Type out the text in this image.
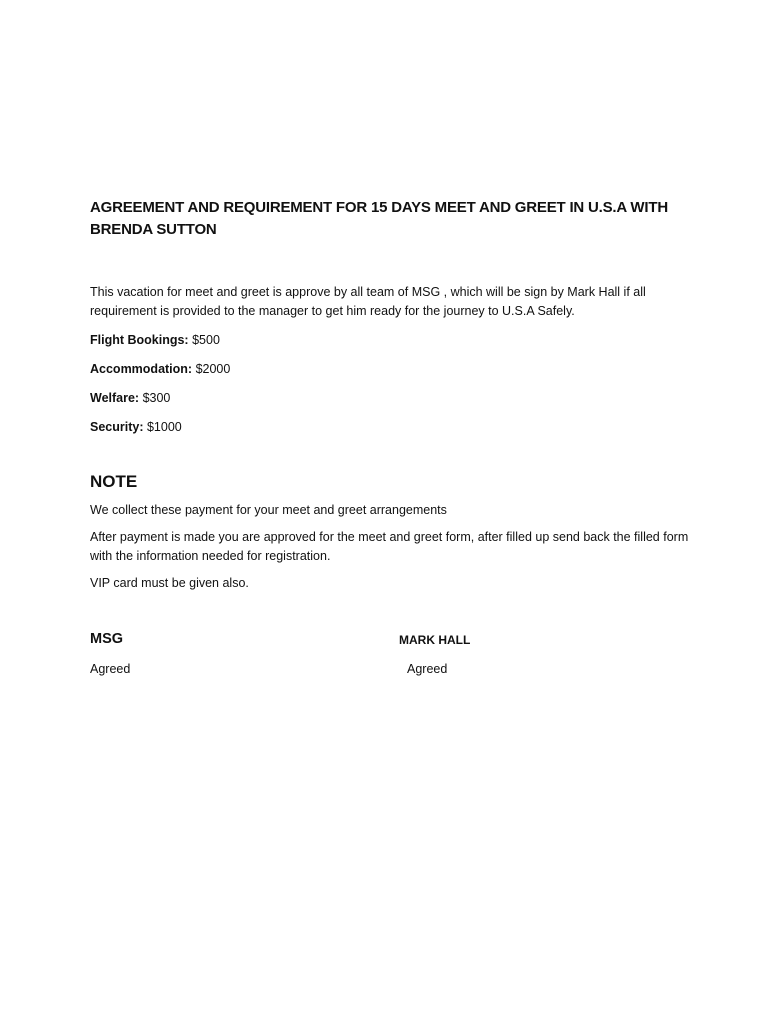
AGREEMENT AND REQUIREMENT FOR 15 DAYS MEET AND GREET IN U.S.A WITH BRENDA SUTTON

This vacation for meet and greet is approve by all team of MSG , which will be sign by Mark Hall if all requirement is provided to the manager to get him ready for the journey to U.S.A Safely.

Flight Bookings: $500

Accommodation: $2000

Welfare: $300

Security: $1000

NOTE

We collect these payment for your meet and greet arrangements

After payment is made you are approved for the meet and greet form, after filled up send back the filled form with the information needed for registration.

VIP card must be given also.

MSG	MARK HALL
Agreed	Agreed
